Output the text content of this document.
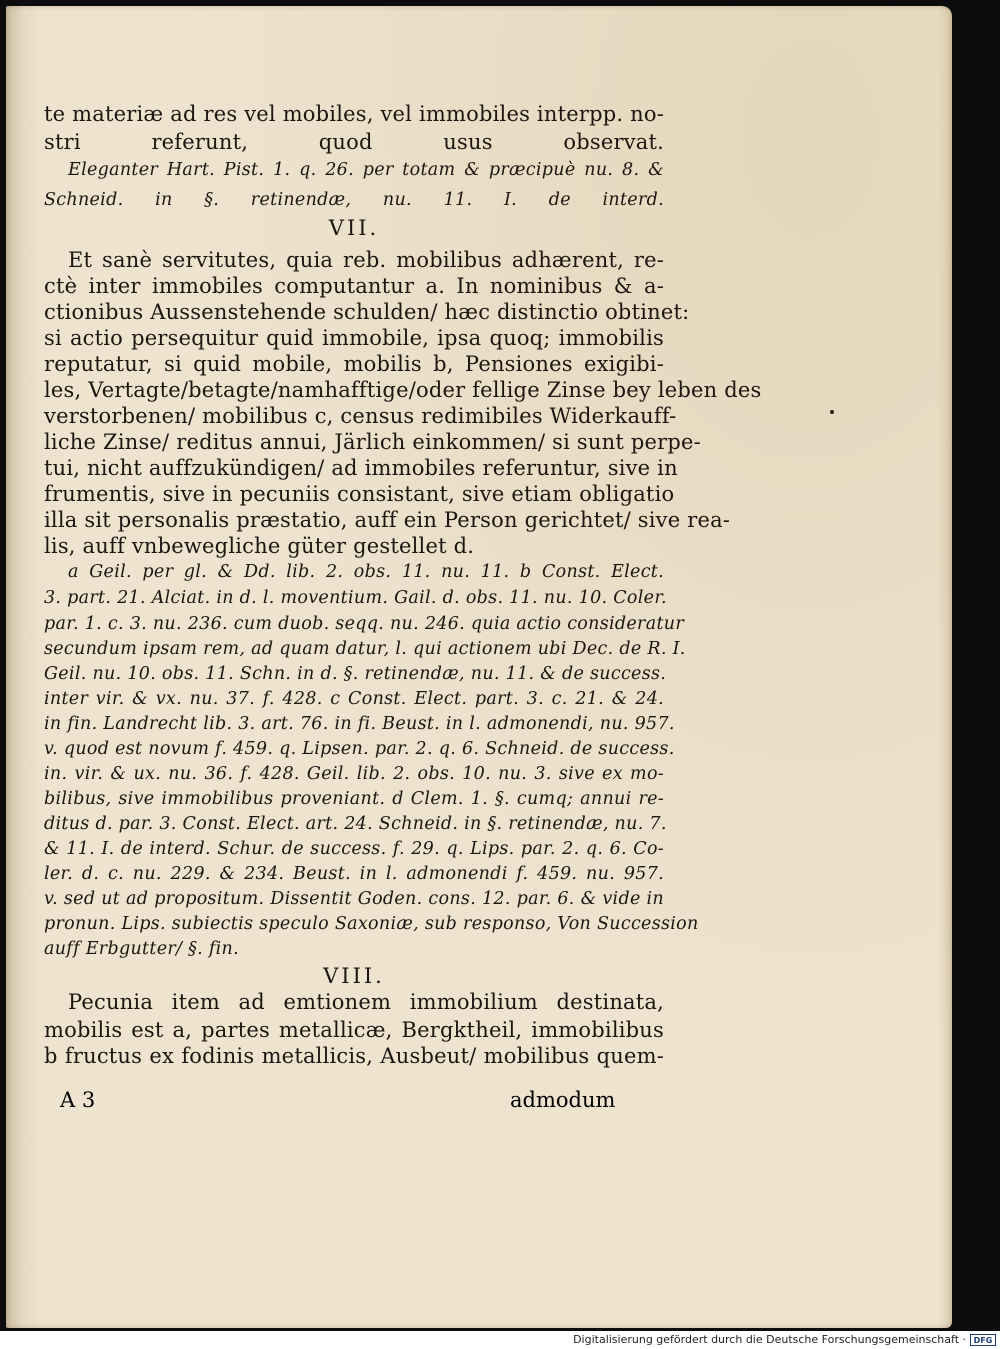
te materiæ ad res vel mobiles, vel immobiles interpp. no-
stri referunt, quod usus observat.
Eleganter Hart. Pist. 1. q. 26. per totam & præcipuè nu. 8. &
Schneid. in §. retinendæ, nu. 11. I. de interd.
VII.
Et sanè servitutes, quia reb. mobilibus adhærent, re-
ctè inter immobiles computantur a. In nominibus & a-
ctionibus Aussenstehende schulden/ hæc distinctio obtinet:
si actio persequitur quid immobile, ipsa quoq; immobilis
reputatur, si quid mobile, mobilis b, Pensiones exigibi-
les, Vertagte/betagte/namhafftige/oder fellige Zinse bey leben des
verstorbenen/ mobilibus c, census redimibiles Widerkauff-
liche Zinse/ reditus annui, Järlich einkommen/ si sunt perpe-
tui, nicht auffzukündigen/ ad immobiles referuntur, sive in
frumentis, sive in pecuniis consistant, sive etiam obligatio
illa sit personalis præstatio, auff ein Person gerichtet/ sive rea-
lis, auff vnbewegliche güter gestellet d.
a Geil. per gl. & Dd. lib. 2. obs. 11. nu. 11. b Const. Elect.
3. part. 21. Alciat. in d. l. moventium. Gail. d. obs. 11. nu. 10. Coler.
par. 1. c. 3. nu. 236. cum duob. seqq. nu. 246. quia actio consideratur
secundum ipsam rem, ad quam datur, l. qui actionem ubi Dec. de R. I.
Geil. nu. 10. obs. 11. Schn. in d. §. retinendæ, nu. 11. & de success.
inter vir. & vx. nu. 37. f. 428. c Const. Elect. part. 3. c. 21. & 24.
in fin. Landrecht lib. 3. art. 76. in fi. Beust. in l. admonendi, nu. 957.
v. quod est novum f. 459. q. Lipsen. par. 2. q. 6. Schneid. de success.
in. vir. & ux. nu. 36. f. 428. Geil. lib. 2. obs. 10. nu. 3. sive ex mo-
bilibus, sive immobilibus proveniant. d Clem. 1. §. cumq; annui re-
ditus d. par. 3. Const. Elect. art. 24. Schneid. in §. retinendæ, nu. 7.
& 11. I. de interd. Schur. de success. f. 29. q. Lips. par. 2. q. 6. Co-
ler. d. c. nu. 229. & 234. Beust. in l. admonendi f. 459. nu. 957.
v. sed ut ad propositum. Dissentit Goden. cons. 12. par. 6. & vide in
pronun. Lips. subiectis speculo Saxoniæ, sub responso, Von Succession
auff Erbgutter/ §. fin.
VIII.
Pecunia item ad emtionem immobilium destinata,
mobilis est a, partes metallicæ, Bergktheil, immobilibus
b fructus ex fodinis metallicis, Ausbeut/ mobilibus quem-
A 3	admodum
Digitalisierung gefördert durch die Deutsche Forschungsgemeinschaft · DFG
